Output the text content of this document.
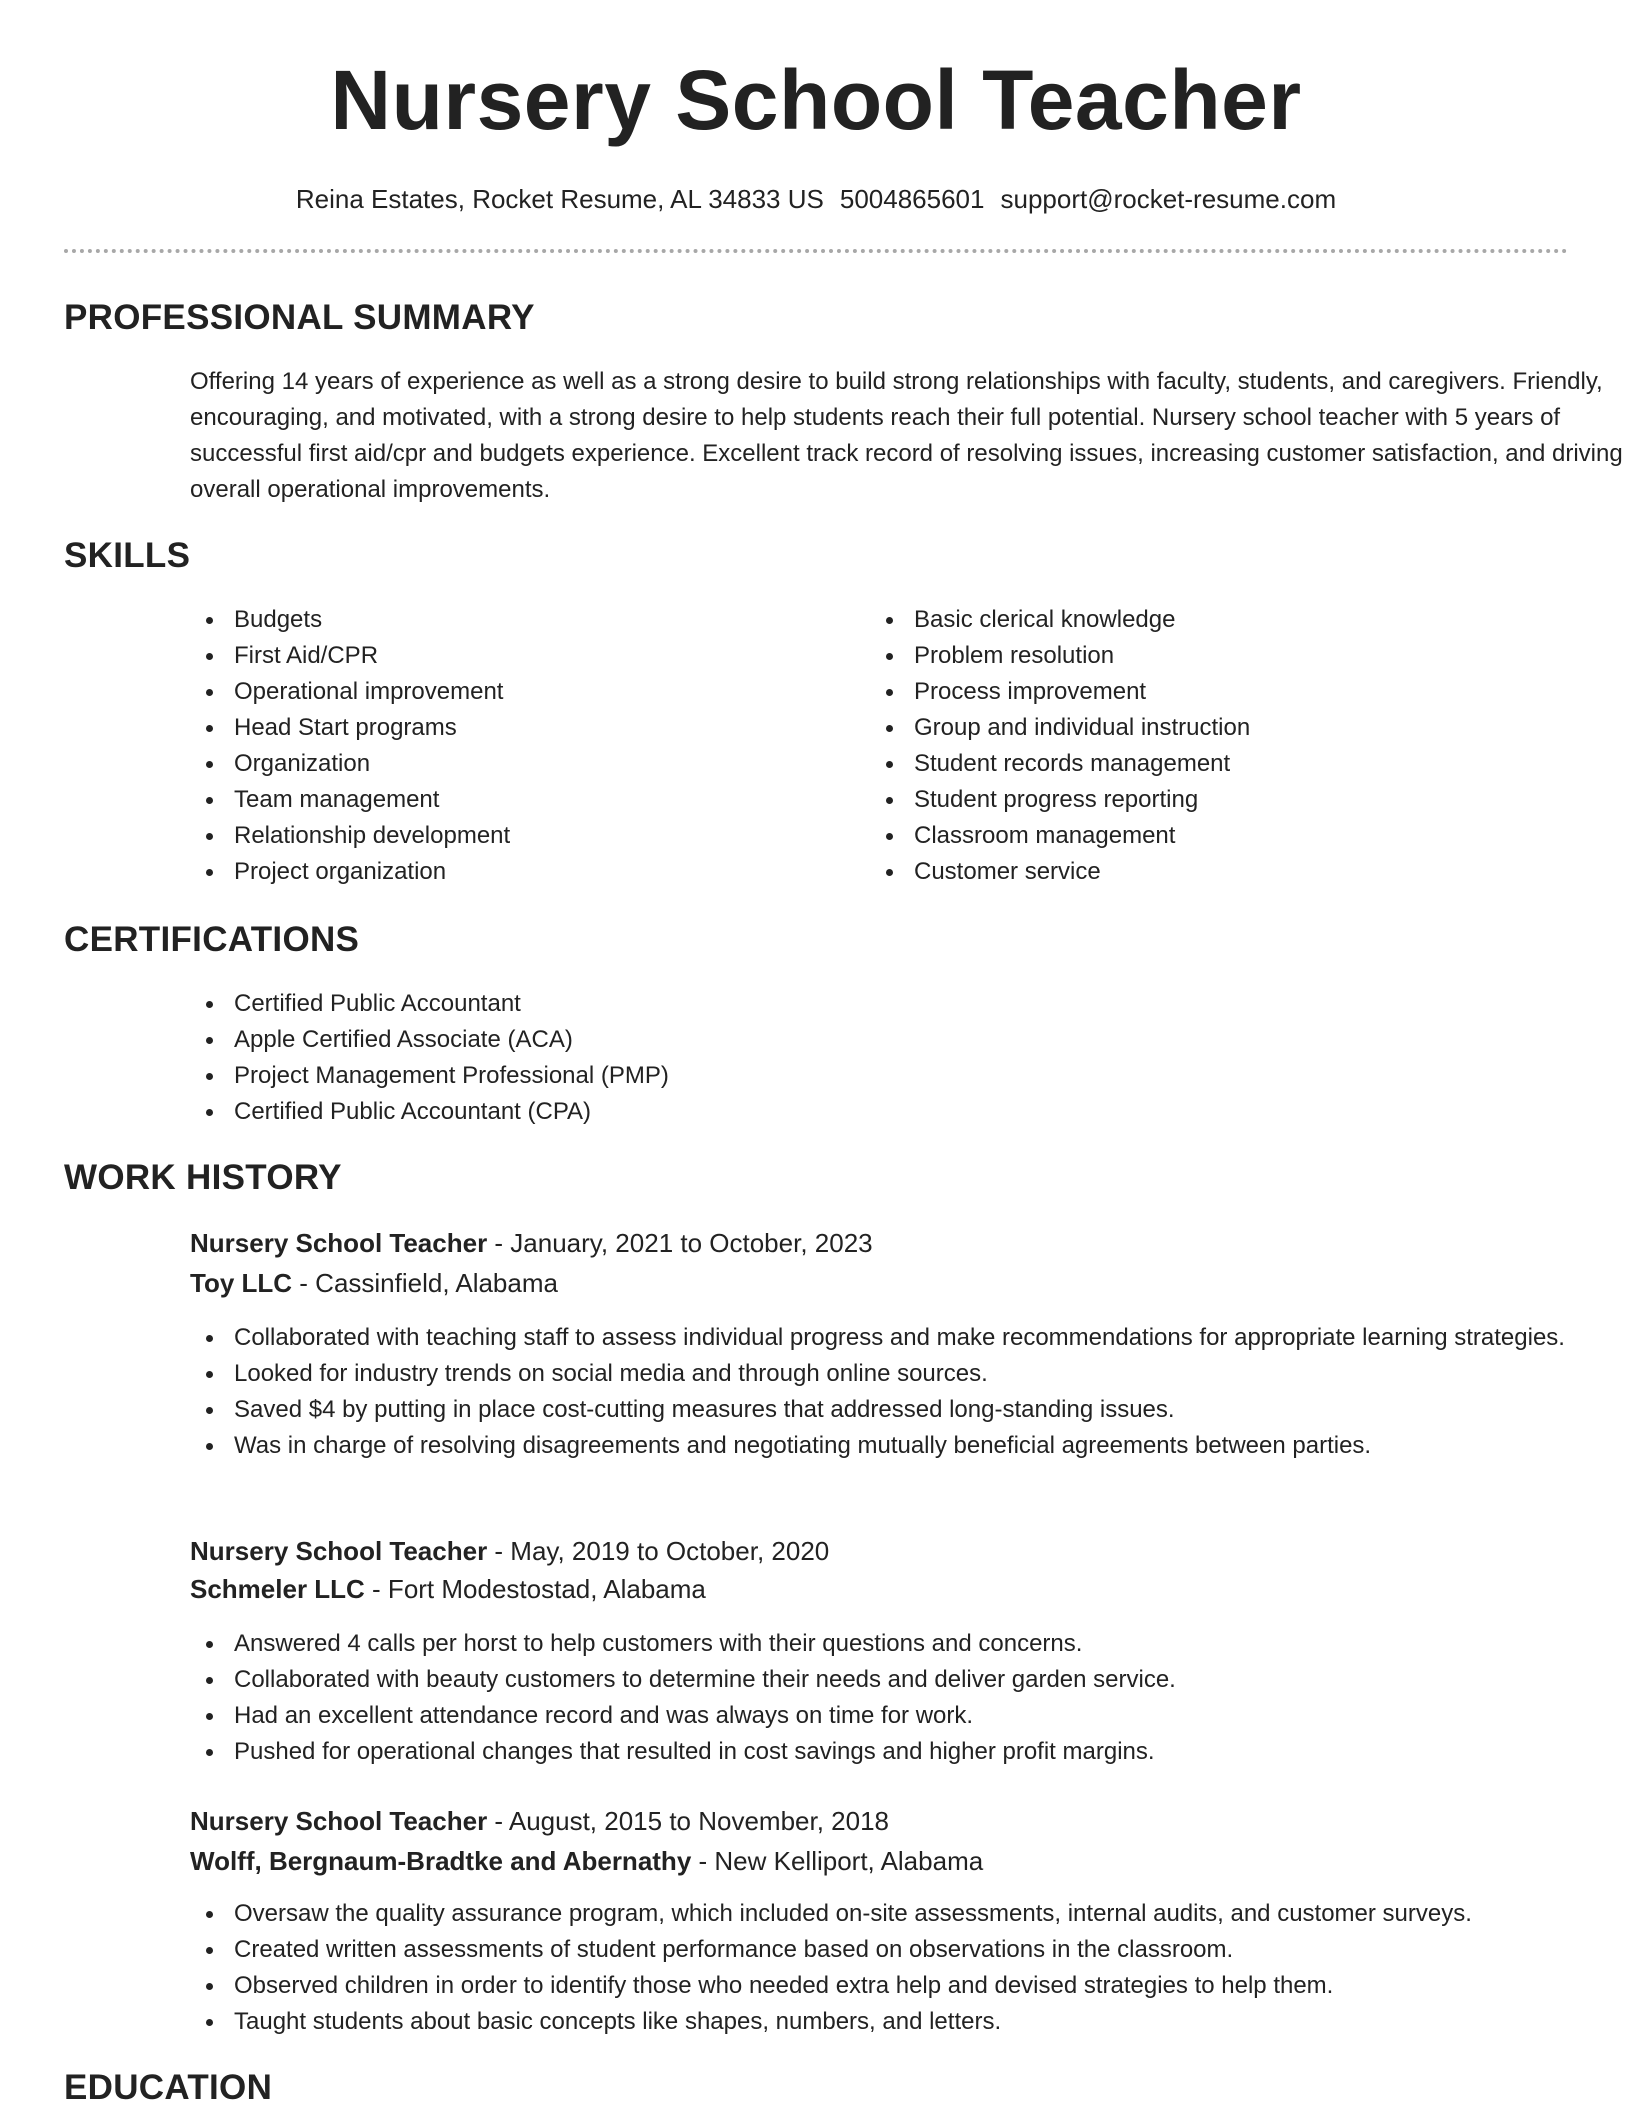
Nursery School Teacher
Reina Estates, Rocket Resume, AL 34833 US 5004865601 support@rocket-resume.com
PROFESSIONAL SUMMARY
Offering 14 years of experience as well as a strong desire to build strong relationships with faculty, students, and caregivers. Friendly, encouraging, and motivated, with a strong desire to help students reach their full potential. Nursery school teacher with 5 years of successful first aid/cpr and budgets experience. Excellent track record of resolving issues, increasing customer satisfaction, and driving overall operational improvements.
SKILLS
Budgets
First Aid/CPR
Operational improvement
Head Start programs
Organization
Team management
Relationship development
Project organization
Basic clerical knowledge
Problem resolution
Process improvement
Group and individual instruction
Student records management
Student progress reporting
Classroom management
Customer service
CERTIFICATIONS
Certified Public Accountant
Apple Certified Associate (ACA)
Project Management Professional (PMP)
Certified Public Accountant (CPA)
WORK HISTORY
Nursery School Teacher - January, 2021 to October, 2023
Toy LLC - Cassinfield, Alabama
Collaborated with teaching staff to assess individual progress and make recommendations for appropriate learning strategies.
Looked for industry trends on social media and through online sources.
Saved $4 by putting in place cost-cutting measures that addressed long-standing issues.
Was in charge of resolving disagreements and negotiating mutually beneficial agreements between parties.
Nursery School Teacher - May, 2019 to October, 2020
Schmeler LLC - Fort Modestostad, Alabama
Answered 4 calls per horst to help customers with their questions and concerns.
Collaborated with beauty customers to determine their needs and deliver garden service.
Had an excellent attendance record and was always on time for work.
Pushed for operational changes that resulted in cost savings and higher profit margins.
Nursery School Teacher - August, 2015 to November, 2018
Wolff, Bergnaum-Bradtke and Abernathy - New Kelliport, Alabama
Oversaw the quality assurance program, which included on-site assessments, internal audits, and customer surveys.
Created written assessments of student performance based on observations in the classroom.
Observed children in order to identify those who needed extra help and devised strategies to help them.
Taught students about basic concepts like shapes, numbers, and letters.
EDUCATION
